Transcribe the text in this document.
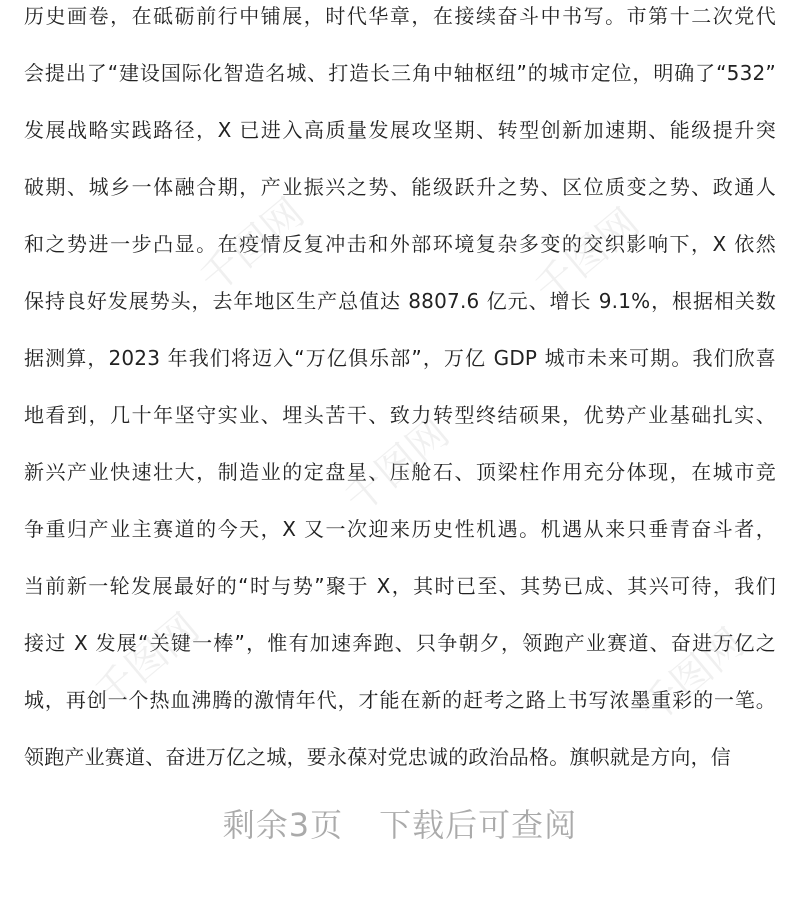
历史画卷，在砥砺前行中铺展，时代华章，在接续奋斗中书写。市第十二次党代
会提出了“建设国际化智造名城、打造长三角中轴枢纽”的城市定位，明确了“532”
发展战略实践路径，X 已进入高质量发展攻坚期、转型创新加速期、能级提升突
破期、城乡一体融合期，产业振兴之势、能级跃升之势、区位质变之势、政通人
和之势进一步凸显。在疫情反复冲击和外部环境复杂多变的交织影响下，X 依然
保持良好发展势头，去年地区生产总值达 8807.6 亿元、增长 9.1%，根据相关数
据测算，2023 年我们将迈入“万亿俱乐部”，万亿 GDP 城市未来可期。我们欣喜
地看到，几十年坚守实业、埋头苦干、致力转型终结硕果，优势产业基础扎实、
新兴产业快速壮大，制造业的定盘星、压舱石、顶梁柱作用充分体现，在城市竞
争重归产业主赛道的今天，X 又一次迎来历史性机遇。机遇从来只垂青奋斗者，
当前新一轮发展最好的“时与势”聚于 X，其时已至、其势已成、其兴可待，我们
接过 X 发展“关键一棒”，惟有加速奔跑、只争朝夕，领跑产业赛道、奋进万亿之
城，再创一个热血沸腾的激情年代，才能在新的赶考之路上书写浓墨重彩的一笔。
领跑产业赛道、奋进万亿之城，要永葆对党忠诚的政治品格。旗帜就是方向，信
千图网	千图网
千图网
千图网	千图网
剩余3页 下载后可查阅
